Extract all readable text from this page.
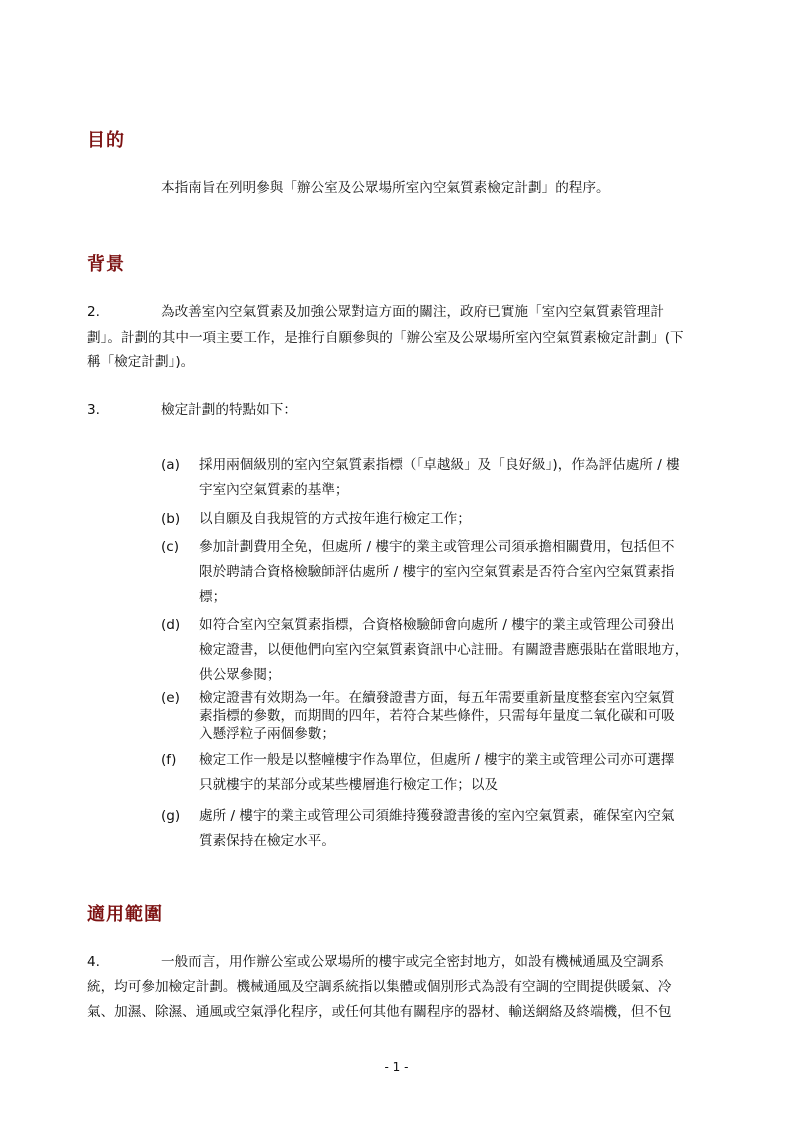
目的

本指南旨在列明參與「辦公室及公眾場所室內空氣質素檢定計劃」的程序。

背景
2.	為改善室內空氣質素及加強公眾對這方面的關注，政府已實施「室內空氣質素管理計

劃」。計劃的其中一項主要工作，是推行自願參與的「辦公室及公眾場所室內空氣質素檢定計劃」(下

稱「檢定計劃」)。

3.	檢定計劃的特點如下：

(a) 採用兩個級別的室內空氣質素指標（「卓越級」及「良好級」)，作為評估處所 / 樓
宇室內空氣質素的基準；
(b) 以自願及自我規管的方式按年進行檢定工作；
(c) 參加計劃費用全免，但處所 / 樓宇的業主或管理公司須承擔相關費用，包括但不
限於聘請合資格檢驗師評估處所 / 樓宇的室內空氣質素是否符合室內空氣質素指
標；
(d) 如符合室內空氣質素指標，合資格檢驗師會向處所 / 樓宇的業主或管理公司發出
檢定證書，以便他們向室內空氣質素資訊中心註冊。有關證書應張貼在當眼地方，
供公眾參閱；
(e) 檢定證書有效期為一年。在續發證書方面，每五年需要重新量度整套室內空氣質
素指標的參數，而期間的四年，若符合某些條件，只需每年量度二氧化碳和可吸
入懸浮粒子兩個參數；
(f) 檢定工作一般是以整幢樓宇作為單位，但處所 / 樓宇的業主或管理公司亦可選擇
只就樓宇的某部分或某些樓層進行檢定工作；以及
(g) 處所 / 樓宇的業主或管理公司須維持獲發證書後的室內空氣質素，確保室內空氣
質素保持在檢定水平。
適用範圍
4.	一般而言，用作辦公室或公眾場所的樓宇或完全密封地方，如設有機械通風及空調系

統，均可參加檢定計劃。機械通風及空調系統指以集體或個別形式為設有空調的空間提供暖氣、冷

氣、加濕、除濕、通風或空氣淨化程序，或任何其他有關程序的器材、輸送網絡及終端機，但不包

- 1 -
